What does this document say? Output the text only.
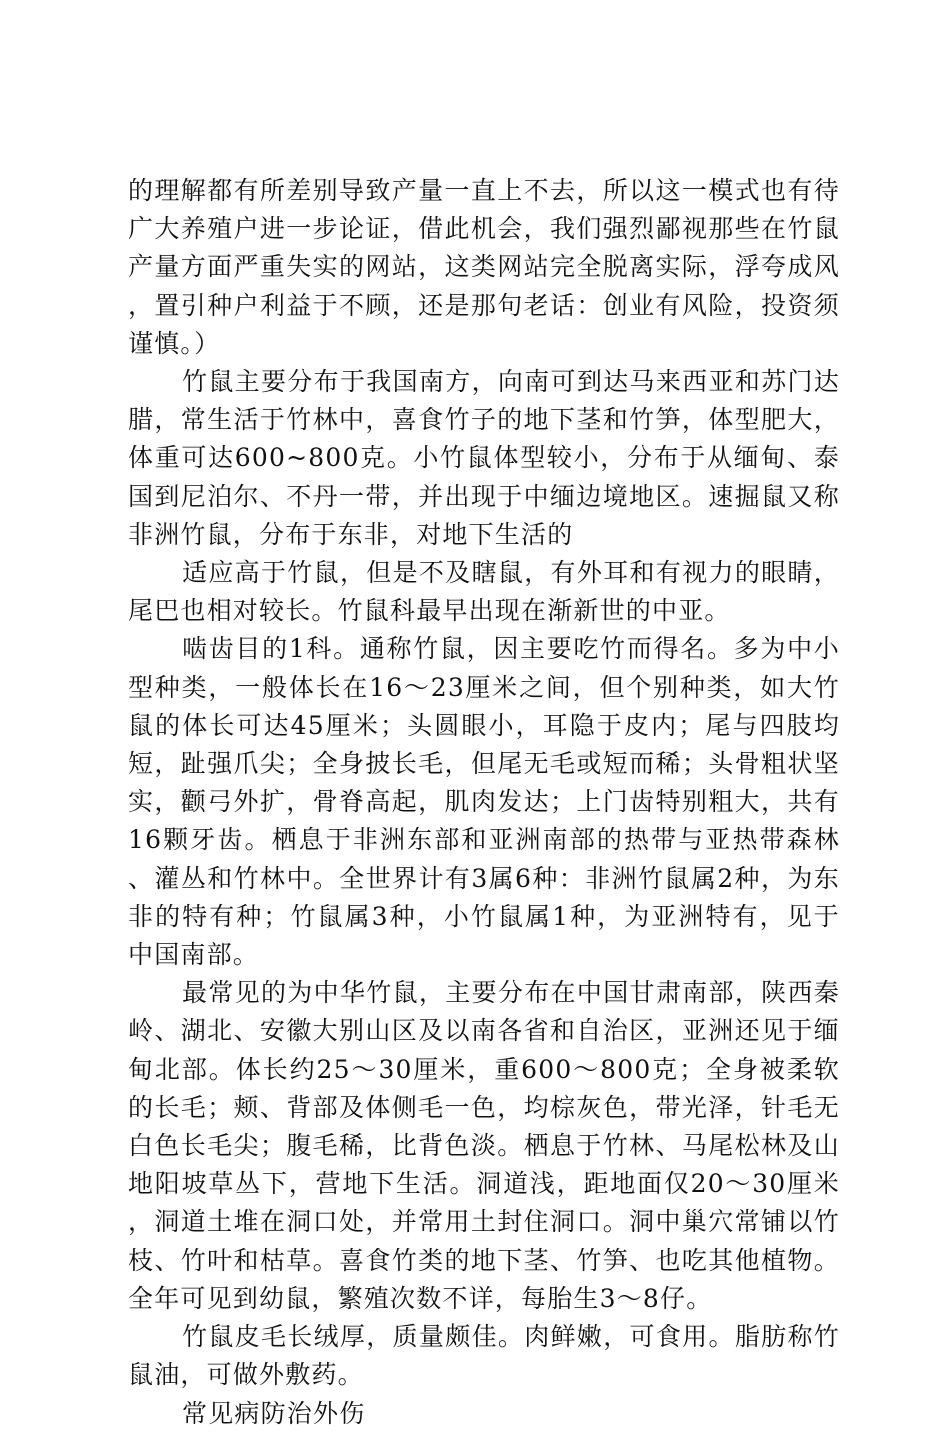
的理解都有所差别导致产量一直上不去，所以这一模式也有待广大养殖户进一步论证，借此机会，我们强烈鄙视那些在竹鼠产量方面严重失实的网站，这类网站完全脱离实际，浮夸成风，置引种户利益于不顾，还是那句老话：创业有风险，投资须谨慎。）

竹鼠主要分布于我国南方，向南可到达马来西亚和苏门达腊，常生活于竹林中，喜食竹子的地下茎和竹笋，体型肥大，体重可达600~800克。小竹鼠体型较小，分布于从缅甸、泰国到尼泊尔、不丹一带，并出现于中缅边境地区。速掘鼠又称非洲竹鼠，分布于东非，对地下生活的

适应高于竹鼠，但是不及瞎鼠，有外耳和有视力的眼睛，尾巴也相对较长。竹鼠科最早出现在渐新世的中亚。

啮齿目的1科。通称竹鼠，因主要吃竹而得名。多为中小型种类，一般体长在16～23厘米之间，但个别种类，如大竹鼠的体长可达45厘米；头圆眼小，耳隐于皮内；尾与四肢均短，趾强爪尖；全身披长毛，但尾无毛或短而稀；头骨粗状坚实，颧弓外扩，骨脊高起，肌肉发达；上门齿特别粗大，共有16颗牙齿。栖息于非洲东部和亚洲南部的热带与亚热带森林、灌丛和竹林中。全世界计有3属6种：非洲竹鼠属2种，为东非的特有种；竹鼠属3种，小竹鼠属1种，为亚洲特有，见于中国南部。

最常见的为中华竹鼠，主要分布在中国甘肃南部，陕西秦岭、湖北、安徽大别山区及以南各省和自治区，亚洲还见于缅甸北部。体长约25～30厘米，重600～800克；全身被柔软的长毛；颊、背部及体侧毛一色，均棕灰色，带光泽，针毛无白色长毛尖；腹毛稀，比背色淡。栖息于竹林、马尾松林及山地阳坡草丛下，营地下生活。洞道浅，距地面仅20～30厘米，洞道土堆在洞口处，并常用土封住洞口。洞中巢穴常铺以竹枝、竹叶和枯草。喜食竹类的地下茎、竹笋、也吃其他植物。全年可见到幼鼠，繁殖次数不详，每胎生3～8仔。

竹鼠皮毛长绒厚，质量颇佳。肉鲜嫩，可食用。脂肪称竹鼠油，可做外敷药。

常见病防治外伤
